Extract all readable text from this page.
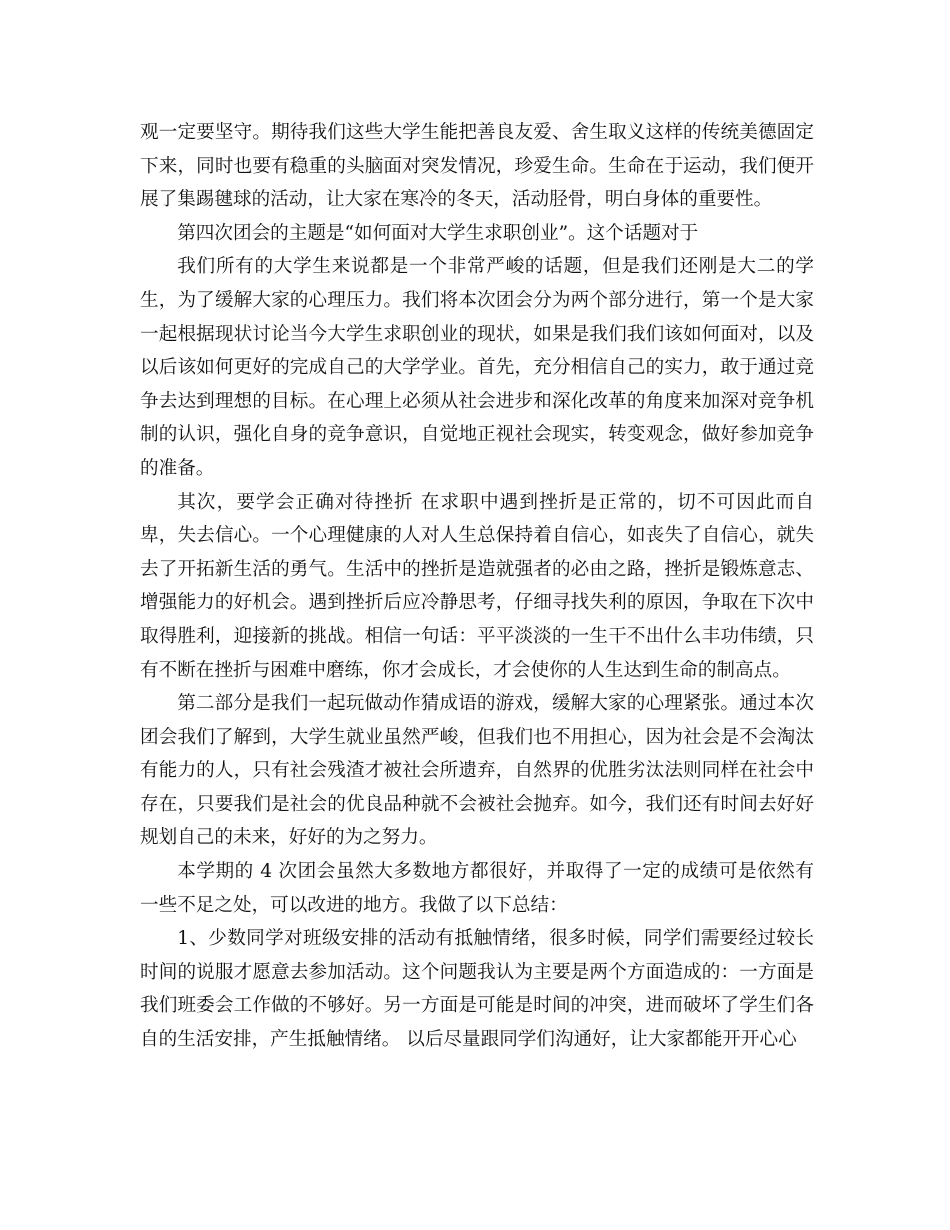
观一定要坚守。期待我们这些大学生能把善良友爱、舍生取义这样的传统美德固定下来，同时也要有稳重的头脑面对突发情况，珍爱生命。生命在于运动，我们便开展了集踢毽球的活动，让大家在寒冷的冬天，活动胫骨，明白身体的重要性。

第四次团会的主题是“如何面对大学生求职创业”。这个话题对于

我们所有的大学生来说都是一个非常严峻的话题，但是我们还刚是大二的学生，为了缓解大家的心理压力。我们将本次团会分为两个部分进行，第一个是大家一起根据现状讨论当今大学生求职创业的现状，如果是我们我们该如何面对，以及以后该如何更好的完成自己的大学学业。首先，充分相信自己的实力，敢于通过竞争去达到理想的目标。在心理上必须从社会进步和深化改革的角度来加深对竞争机制的认识，强化自身的竞争意识，自觉地正视社会现实，转变观念，做好参加竞争的准备。

其次，要学会正确对待挫折 在求职中遇到挫折是正常的，切不可因此而自卑，失去信心。一个心理健康的人对人生总保持着自信心，如丧失了自信心，就失去了开拓新生活的勇气。生活中的挫折是造就强者的必由之路，挫折是锻炼意志、增强能力的好机会。遇到挫折后应冷静思考，仔细寻找失利的原因，争取在下次中取得胜利，迎接新的挑战。相信一句话：平平淡淡的一生干不出什么丰功伟绩，只有不断在挫折与困难中磨练，你才会成长，才会使你的人生达到生命的制高点。

第二部分是我们一起玩做动作猜成语的游戏，缓解大家的心理紧张。通过本次团会我们了解到，大学生就业虽然严峻，但我们也不用担心，因为社会是不会淘汰有能力的人，只有社会残渣才被社会所遗弃，自然界的优胜劣汰法则同样在社会中存在，只要我们是社会的优良品种就不会被社会抛弃。如今，我们还有时间去好好规划自己的未来，好好的为之努力。

本学期的 4 次团会虽然大多数地方都很好，并取得了一定的成绩可是依然有一些不足之处，可以改进的地方。我做了以下总结：

1、少数同学对班级安排的活动有抵触情绪，很多时候，同学们需要经过较长时间的说服才愿意去参加活动。这个问题我认为主要是两个方面造成的：一方面是我们班委会工作做的不够好。另一方面是可能是时间的冲突，进而破坏了学生们各自的生活安排，产生抵触情绪。 以后尽量跟同学们沟通好，让大家都能开开心心
